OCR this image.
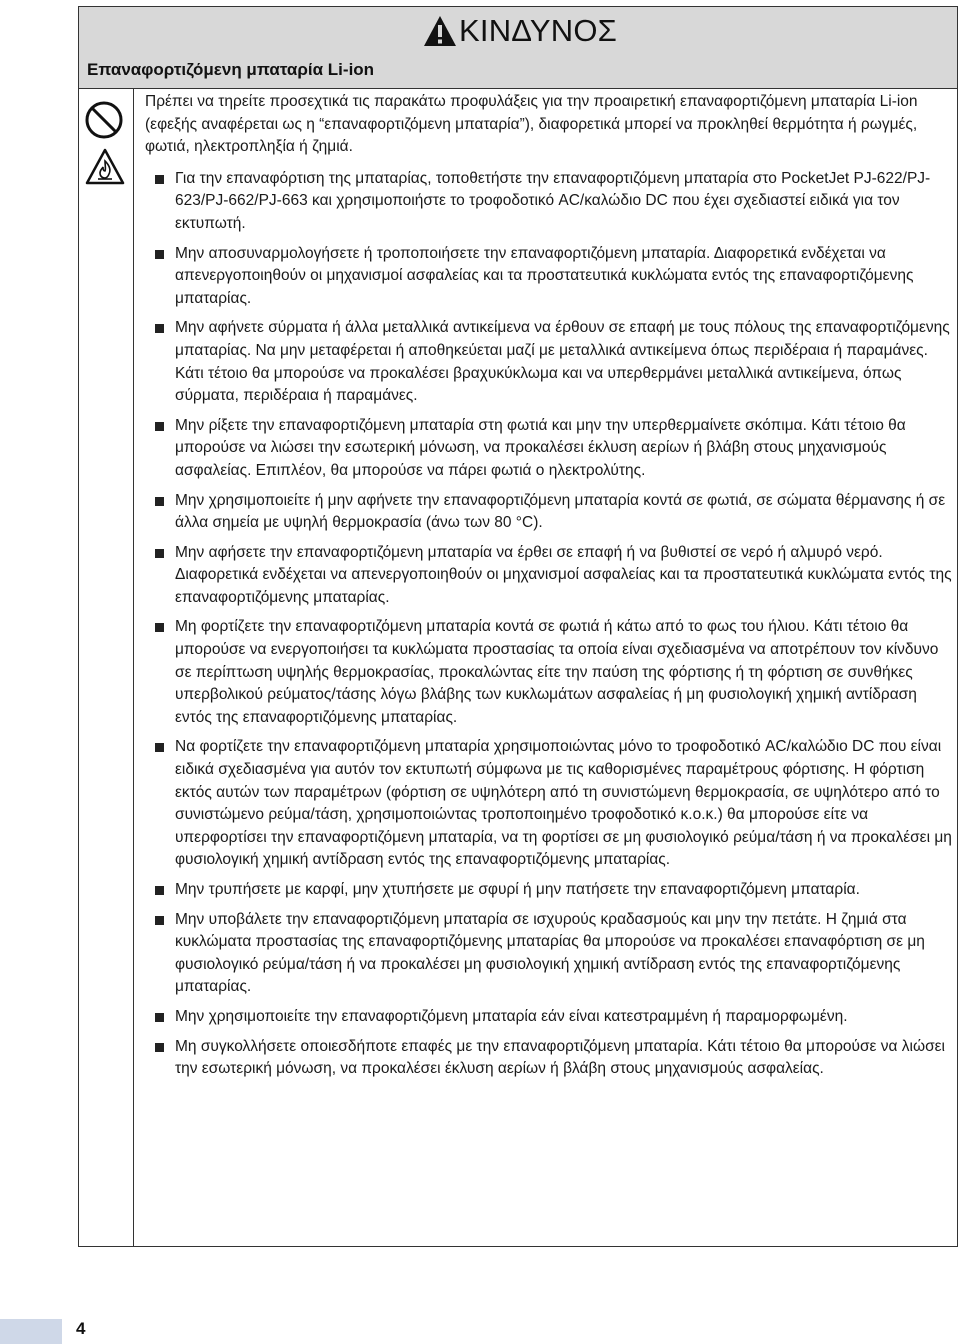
ΚΙΝΔΥΝΟΣ
Επαναφορτιζόμενη μπαταρία Li-ion

Πρέπει να τηρείτε προσεχτικά τις παρακάτω προφυλάξεις για την προαιρετική επαναφορτιζόμενη μπαταρία Li-ion (εφεξής αναφέρεται ως η “επαναφορτιζόμενη μπαταρία”), διαφορετικά μπορεί να προκληθεί θερμότητα ή ρωγμές, φωτιά, ηλεκτροπληξία ή ζημιά.

Για την επαναφόρτιση της μπαταρίας, τοποθετήστε την επαναφορτιζόμενη μπαταρία στο PocketJet PJ-622/PJ-623/PJ-662/PJ-663 και χρησιμοποιήστε το τροφοδοτικό AC/καλώδιο DC που έχει σχεδιαστεί ειδικά για τον εκτυπωτή.
Μην αποσυναρμολογήσετε ή τροποποιήσετε την επαναφορτιζόμενη μπαταρία. Διαφορετικά ενδέχεται να απενεργοποιηθούν οι μηχανισμοί ασφαλείας και τα προστατευτικά κυκλώματα εντός της επαναφορτιζόμενης μπαταρίας.
Μην αφήνετε σύρματα ή άλλα μεταλλικά αντικείμενα να έρθουν σε επαφή με τους πόλους της επαναφορτιζόμενης μπαταρίας. Να μην μεταφέρεται ή αποθηκεύεται μαζί με μεταλλικά αντικείμενα όπως περιδέραια ή παραμάνες. Κάτι τέτοιο θα μπορούσε να προκαλέσει βραχυκύκλωμα και να υπερθερμάνει μεταλλικά αντικείμενα, όπως σύρματα, περιδέραια ή παραμάνες.
Μην ρίξετε την επαναφορτιζόμενη μπαταρία στη φωτιά και μην την υπερθερμαίνετε σκόπιμα. Κάτι τέτοιο θα μπορούσε να λιώσει την εσωτερική μόνωση, να προκαλέσει έκλυση αερίων ή βλάβη στους μηχανισμούς ασφαλείας. Επιπλέον, θα μπορούσε να πάρει φωτιά ο ηλεκτρολύτης.
Μην χρησιμοποιείτε ή μην αφήνετε την επαναφορτιζόμενη μπαταρία κοντά σε φωτιά, σε σώματα θέρμανσης ή σε άλλα σημεία με υψηλή θερμοκρασία (άνω των 80 °C).
Μην αφήσετε την επαναφορτιζόμενη μπαταρία να έρθει σε επαφή ή να βυθιστεί σε νερό ή αλμυρό νερό. Διαφορετικά ενδέχεται να απενεργοποιηθούν οι μηχανισμοί ασφαλείας και τα προστατευτικά κυκλώματα εντός της επαναφορτιζόμενης μπαταρίας.
Μη φορτίζετε την επαναφορτιζόμενη μπαταρία κοντά σε φωτιά ή κάτω από το φως του ήλιου. Κάτι τέτοιο θα μπορούσε να ενεργοποιήσει τα κυκλώματα προστασίας τα οποία είναι σχεδιασμένα να αποτρέπουν τον κίνδυνο σε περίπτωση υψηλής θερμοκρασίας, προκαλώντας είτε την παύση της φόρτισης ή τη φόρτιση σε συνθήκες υπερβολικού ρεύματος/τάσης λόγω βλάβης των κυκλωμάτων ασφαλείας ή μη φυσιολογική χημική αντίδραση εντός της επαναφορτιζόμενης μπαταρίας.
Να φορτίζετε την επαναφορτιζόμενη μπαταρία χρησιμοποιώντας μόνο το τροφοδοτικό AC/καλώδιο DC που είναι ειδικά σχεδιασμένα για αυτόν τον εκτυπωτή σύμφωνα με τις καθορισμένες παραμέτρους φόρτισης. Η φόρτιση εκτός αυτών των παραμέτρων (φόρτιση σε υψηλότερη από τη συνιστώμενη θερμοκρασία, σε υψηλότερο από το συνιστώμενο ρεύμα/τάση, χρησιμοποιώντας τροποποιημένο τροφοδοτικό κ.ο.κ.) θα μπορούσε είτε να υπερφορτίσει την επαναφορτιζόμενη μπαταρία, να τη φορτίσει σε μη φυσιολογικό ρεύμα/τάση ή να προκαλέσει μη φυσιολογική χημική αντίδραση εντός της επαναφορτιζόμενης μπαταρίας.
Μην τρυπήσετε με καρφί, μην χτυπήσετε με σφυρί ή μην πατήσετε την επαναφορτιζόμενη μπαταρία.
Μην υποβάλετε την επαναφορτιζόμενη μπαταρία σε ισχυρούς κραδασμούς και μην την πετάτε. Η ζημιά στα κυκλώματα προστασίας της επαναφορτιζόμενης μπαταρίας θα μπορούσε να προκαλέσει επαναφόρτιση σε μη φυσιολογικό ρεύμα/τάση ή να προκαλέσει μη φυσιολογική χημική αντίδραση εντός της επαναφορτιζόμενης μπαταρίας.
Μην χρησιμοποιείτε την επαναφορτιζόμενη μπαταρία εάν είναι κατεστραμμένη ή παραμορφωμένη.
Μη συγκολλήσετε οποιεσδήποτε επαφές με την επαναφορτιζόμενη μπαταρία. Κάτι τέτοιο θα μπορούσε να λιώσει την εσωτερική μόνωση, να προκαλέσει έκλυση αερίων ή βλάβη στους μηχανισμούς ασφαλείας.
4
